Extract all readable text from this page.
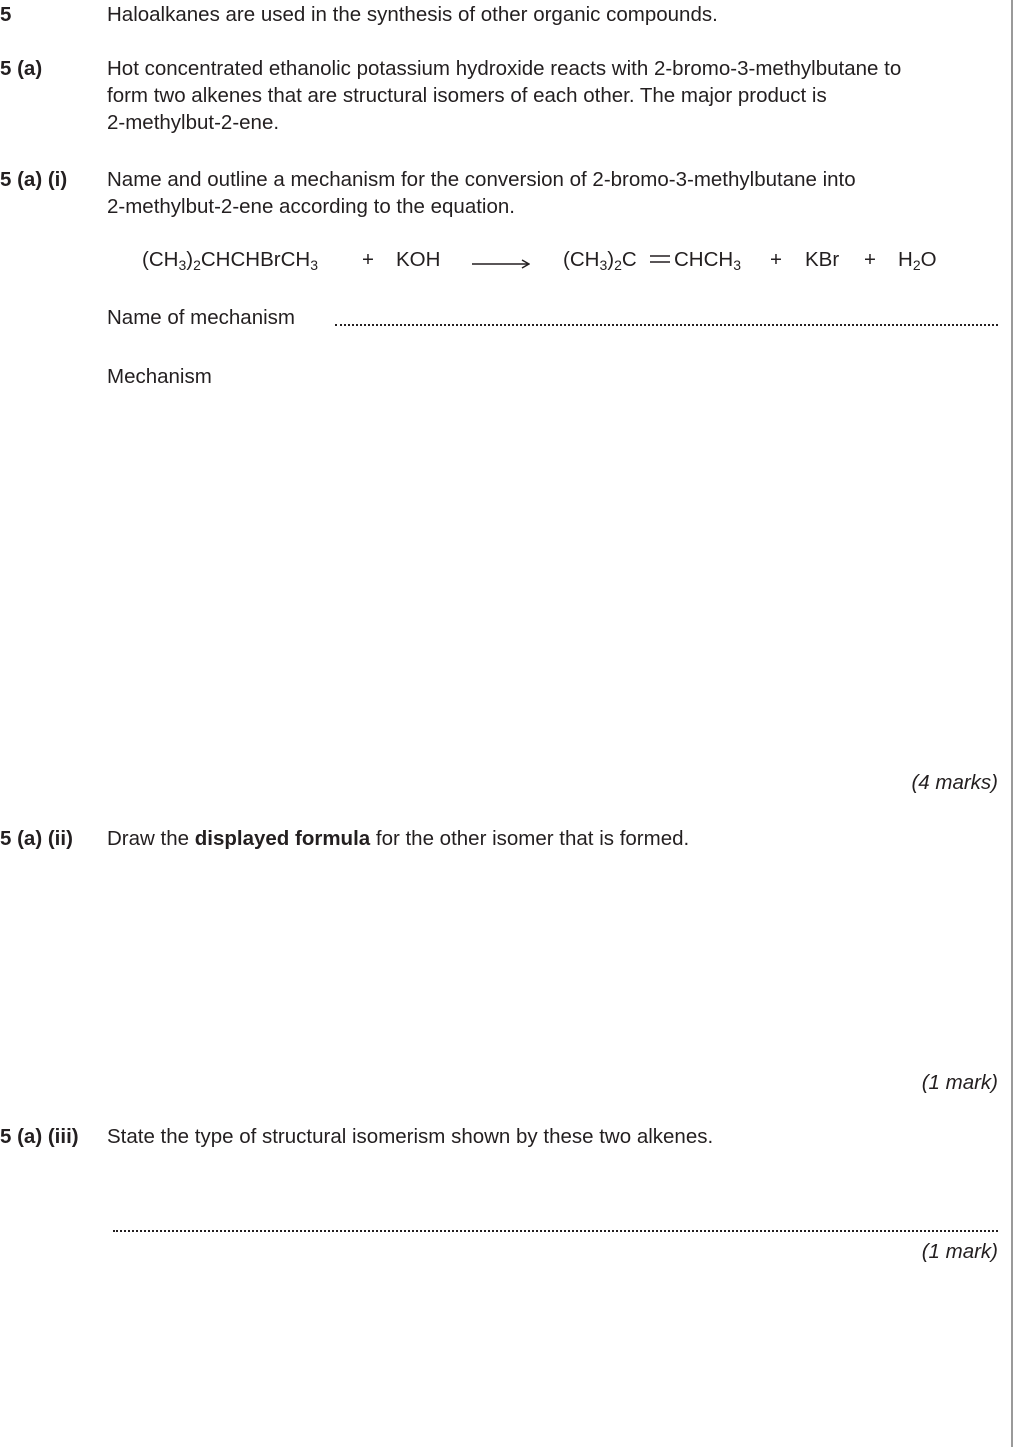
5	Haloalkanes are used in the synthesis of other organic compounds.
5 (a)	Hot concentrated ethanolic potassium hydroxide reacts with 2-bromo-3-methylbutane to
form two alkenes that are structural isomers of each other. The major product is
2-methylbut-2-ene.
5 (a) (i) Name and outline a mechanism for the conversion of 2-bromo-3-methylbutane into
2-methylbut-2-ene according to the equation.
$(CH_3)_2CHCHBrCH_3$ + KOH	$(CH_3)_2C$ $CHCH_3$ + KBr + $H_2O$
Name of mechanism
Mechanism
(4 marks)
5 (a) (ii) Draw the displayed formula for the other isomer that is formed.
(1 mark)
5 (a) (iii) State the type of structural isomerism shown by these two alkenes.
(1 mark)
